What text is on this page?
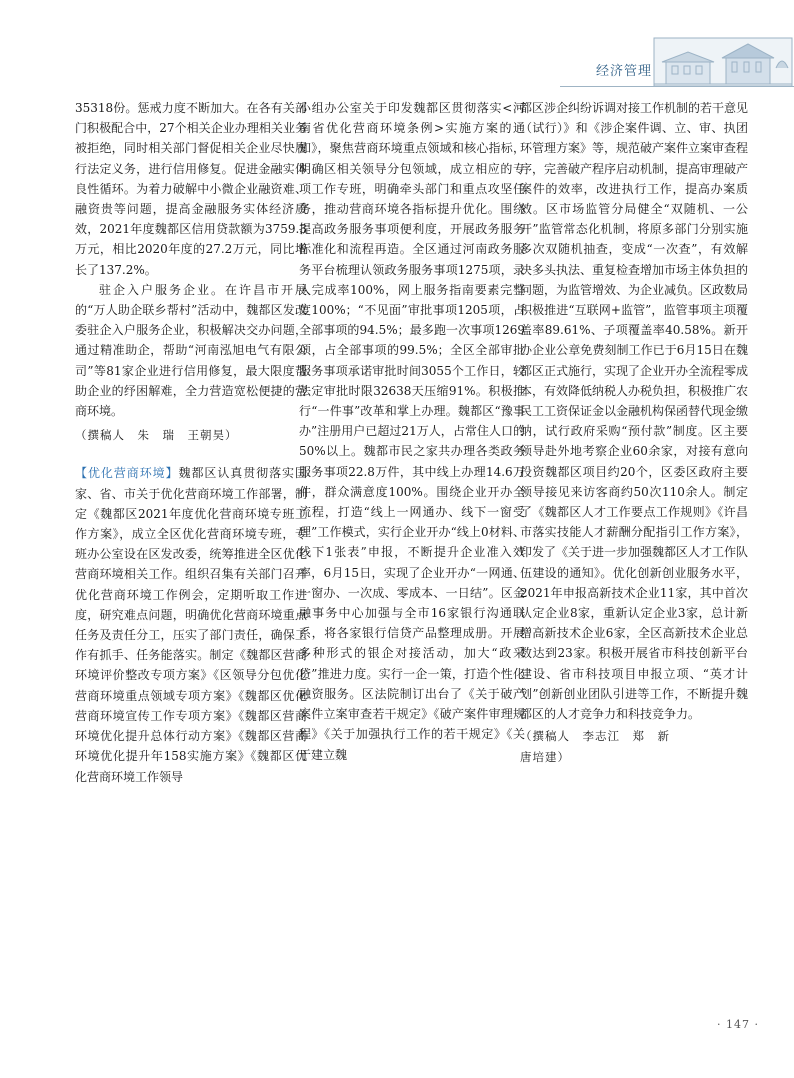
经济管理

35318份。惩戒力度不断加大。在各有关部门积极配合中，27个相关企业办理相关业务被拒绝，同时相关部门督促相关企业尽快履行法定义务，进行信用修复。促进金融实体良性循环。为着力破解中小微企业融资难、融资贵等问题，提高金融服务实体经济质效，2021年度魏都区信用贷款额为3759.3万元，相比2020年度的27.2万元，同比增长了137.2%。

驻企入户服务企业。在许昌市开展的“万人助企联乡帮村”活动中，魏都区发改委驻企入户服务企业，积极解决交办问题，通过精准助企，帮助“河南泓旭电气有限公司”等81家企业进行信用修复，最大限度帮助企业的纾困解难，全力营造宽松便捷的营商环境。

（撰稿人　朱　瑞　王朝昊）

【优化营商环境】魏都区认真贯彻落实国家、省、市关于优化营商环境工作部署，制定《魏都区2021年度优化营商环境专班工作方案》，成立全区优化营商环境专班，专班办公室设在区发改委，统筹推进全区优化营商环境相关工作。组织召集有关部门召开优化营商环境工作例会，定期听取工作进度，研究难点问题，明确优化营商环境重点任务及责任分工，压实了部门责任，确保工作有抓手、任务能落实。制定《魏都区营商环境评价整改专项方案》《区领导分包优化营商环境重点领域专项方案》《魏都区优化营商环境宣传工作专项方案》《魏都区营商环境优化提升总体行动方案》《魏都区营商环境优化提升年158实施方案》《魏都区优化营商环境工作领导

小组办公室关于印发魏都区贯彻落实<河南省优化营商环境条例>实施方案的通知》，聚焦营商环境重点领域和核心指标，明确区相关领导分包领域，成立相应的专项工作专班，明确牵头部门和重点攻坚任务，推动营商环境各指标提升优化。围绕提高政务服务事项便利度，开展政务服务标准化和流程再造。全区通过河南政务服务平台梳理认领政务服务事项1275项，录入完成率100%，网上服务指南要素完整度100%；“不见面”审批事项1205项，占全部事项的94.5%；最多跑一次事项1269项，占全部事项的99.5%；全区全部审批服务事项承诺审批时间3055个工作日，较法定审批时限32638天压缩91%。积极推行“一件事”改革和掌上办理。魏都区“豫事办”注册用户已超过21万人，占常住人口的50%以上。魏都市民之家共办理各类政务服务事项22.8万件，其中线上办理14.6万件，群众满意度100%。围绕企业开办全流程，打造“线上一网通办、线下一窗受理”工作模式，实行企业开办“线上0材料、线下1张表”申报，不断提升企业准入效率，6月15日，实现了企业开办“一网通、一窗办、一次成、零成本、一日结”。区金融事务中心加强与全市16家银行沟通联系，将各家银行信贷产品整理成册。开展多种形式的银企对接活动，加大“政采贷”推进力度。实行一企一策，打造个性化融资服务。区法院制订出台了《关于破产案件立案审查若干规定》《破产案件审理规程》《关于加强执行工作的若干规定》《关于建立魏

都区涉企纠纷诉调对接工作机制的若干意见（试行）》和《涉企案件调、立、审、执团环管理方案》等，规范破产案件立案审查程序，完善破产程序启动机制，提高审理破产案件的效率，改进执行工作，提高办案质效。区市场监管分局健全“双随机、一公开”监管常态化机制，将原多部门分别实施多次双随机抽查，变成“一次查”，有效解决多头执法、重复检查增加市场主体负担的问题，为监管增效、为企业减负。区政数局积极推进“互联网+监管”，监管事项主项覆盖率89.61%、子项覆盖率40.58%。新开办企业公章免费刻制工作已于6月15日在魏都区正式施行，实现了企业开办全流程零成本，有效降低纳税人办税负担，积极推广农民工工资保证金以金融机构保函替代现金缴纳，试行政府采购“预付款”制度。区主要领导赴外地考察企业60余家，对接有意向投资魏都区项目约20个，区委区政府主要领导接见来访客商约50次110余人。制定了《魏都区人才工作要点工作规则》《许昌市落实技能人才薪酬分配指引工作方案》，印发了《关于进一步加强魏都区人才工作队伍建设的通知》。优化创新创业服务水平，2021年申报高新技术企业11家，其中首次认定企业8家，重新认定企业3家，总计新增高新技术企业6家，全区高新技术企业总数达到23家。积极开展省市科技创新平台建设、省市科技项目申报立项、“英才计划”创新创业团队引进等工作，不断提升魏都区的人才竞争力和科技竞争力。

（撰稿人　李志江　郑　新

唐培建）

· 147 ·
